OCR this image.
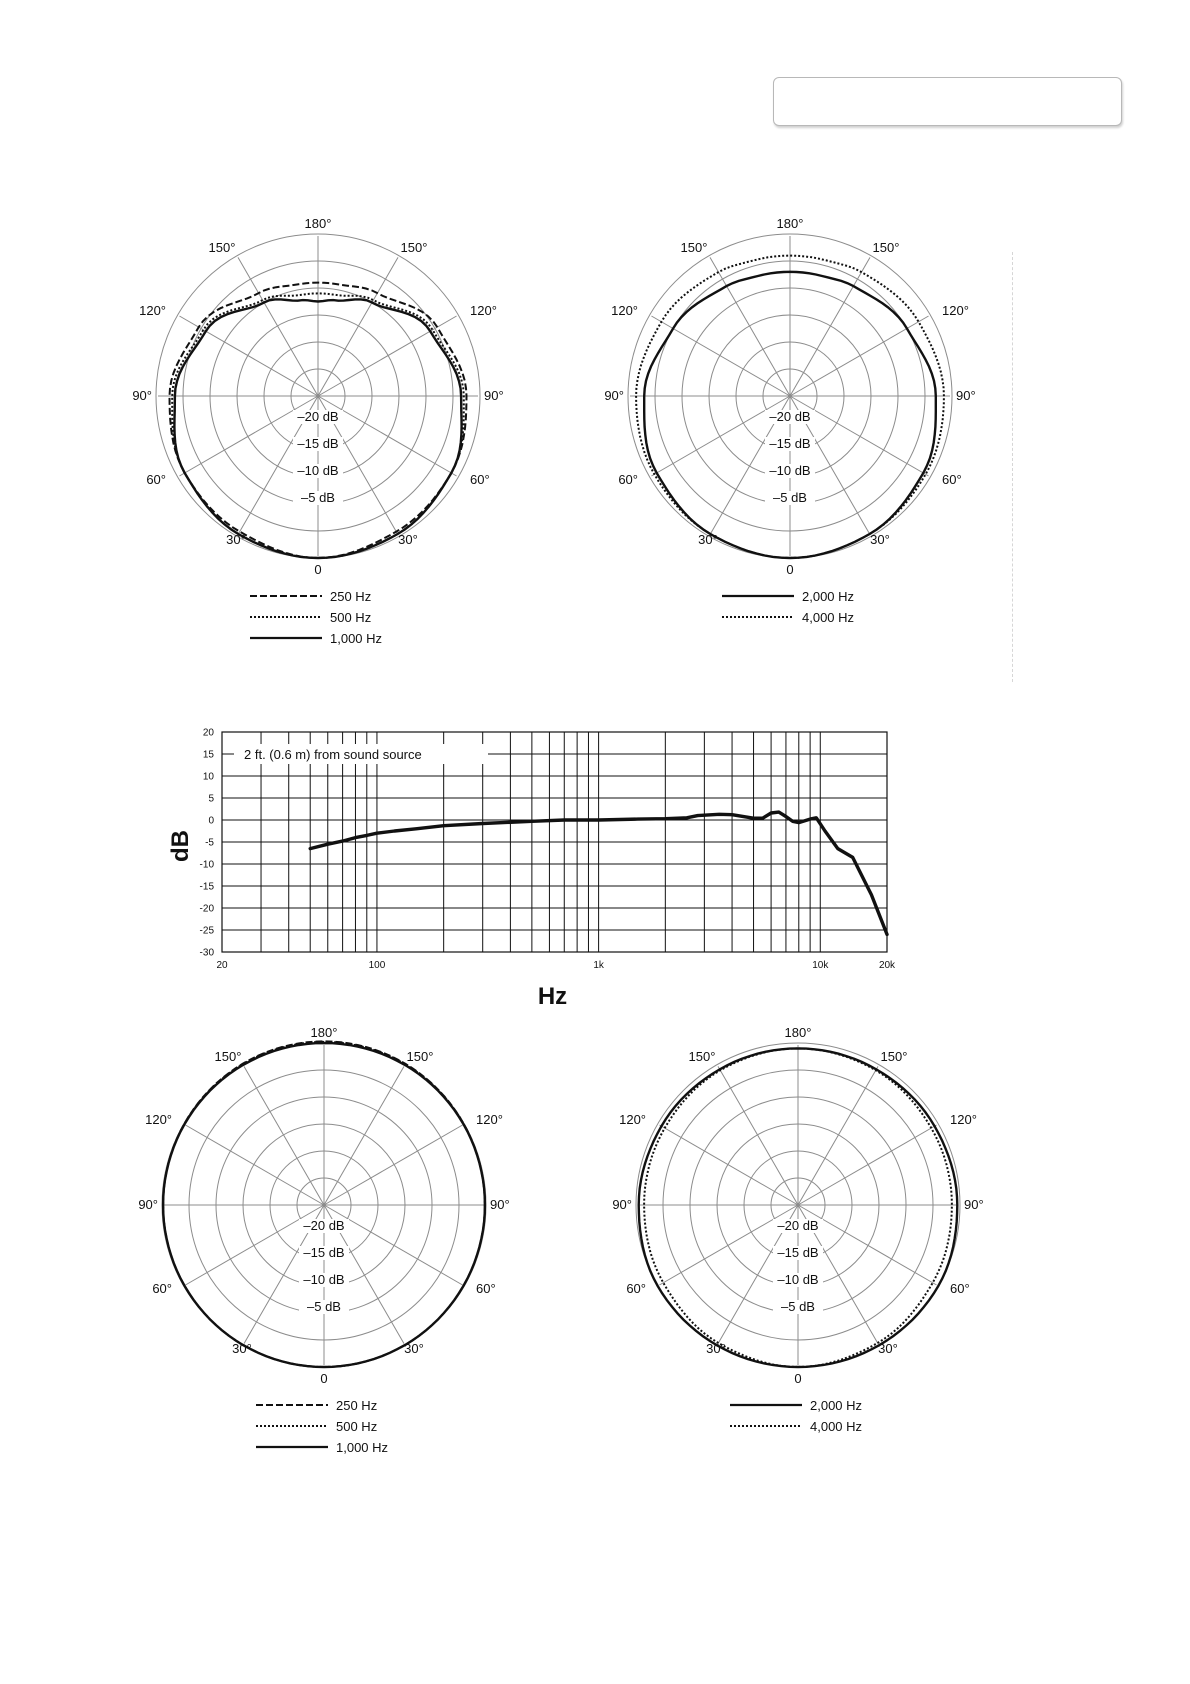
180°
150°	150°
120°	120°
90°	90°
60°	60°
30°	30°
0
–20 dB
–15 dB
–10 dB
–5 dB
250 Hz
500 Hz
1,000 Hz
180°
150°	150°
120°	120°
90°	90°
60°	60°
30°	30°
0
–20 dB
–15 dB
–10 dB
–5 dB
2,000 Hz
4,000 Hz
20
15
10
5
0
-5
-10
-15
-20
-25
-30
20	100	1k	10k	20k
2 ft. (0.6 m) from sound source
Hz
dB
180°
150°	150°
120°	120°
90°	90°
60°	60°
30°	30°
0
–20 dB
–15 dB
–10 dB
–5 dB
250 Hz
500 Hz
1,000 Hz
180°
150°	150°
120°	120°
90°	90°
60°	60°
30°	30°
0
–20 dB
–15 dB
–10 dB
–5 dB
2,000 Hz
4,000 Hz
